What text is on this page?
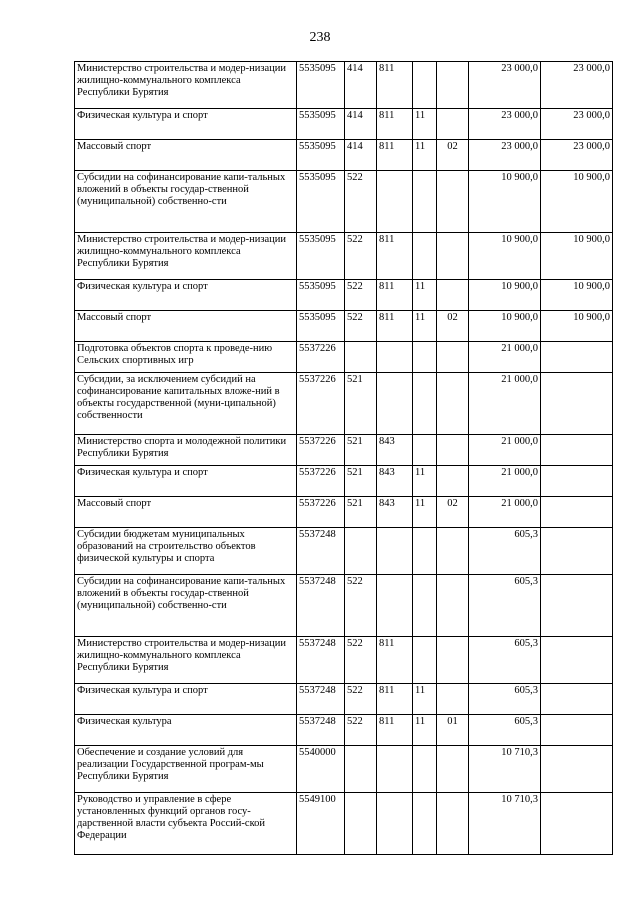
238
Министерство строительства и модер-низации жилищно-коммунального комплекса Республики Бурятия	5535095	414	811			23 000,0	23 000,0
Физическая культура и спорт	5535095	414	811	11		23 000,0	23 000,0
Массовый спорт	5535095	414	811	11	02	23 000,0	23 000,0
Субсидии на софинансирование капи-тальных вложений в объекты государ-ственной (муниципальной) собственно-сти	5535095	522				10 900,0	10 900,0
Министерство строительства и модер-низации жилищно-коммунального комплекса Республики Бурятия	5535095	522	811			10 900,0	10 900,0
Физическая культура и спорт	5535095	522	811	11		10 900,0	10 900,0
Массовый спорт	5535095	522	811	11	02	10 900,0	10 900,0
Подготовка объектов спорта к проведе-нию Сельских спортивных игр	5537226					21 000,0	
Субсидии, за исключением субсидий на софинансирование капитальных вложе-ний в объекты государственной (муни-ципальной) собственности	5537226	521				21 000,0	
Министерство спорта и молодежной политики Республики Бурятия	5537226	521	843			21 000,0	
Физическая культура и спорт	5537226	521	843	11		21 000,0	
Массовый спорт	5537226	521	843	11	02	21 000,0	
Субсидии бюджетам муниципальных образований на строительство объектов физической культуры и спорта	5537248					605,3	
Субсидии на софинансирование капи-тальных вложений в объекты государ-ственной (муниципальной) собственно-сти	5537248	522				605,3	
Министерство строительства и модер-низации жилищно-коммунального комплекса Республики Бурятия	5537248	522	811			605,3	
Физическая культура и спорт	5537248	522	811	11		605,3	
Физическая культура	5537248	522	811	11	01	605,3	
Обеспечение и создание условий для реализации Государственной програм-мы Республики Бурятия	5540000					10 710,3	
Руководство и управление в сфере установленных функций органов госу-дарственной власти субъекта Россий-ской Федерации	5549100					10 710,3	
